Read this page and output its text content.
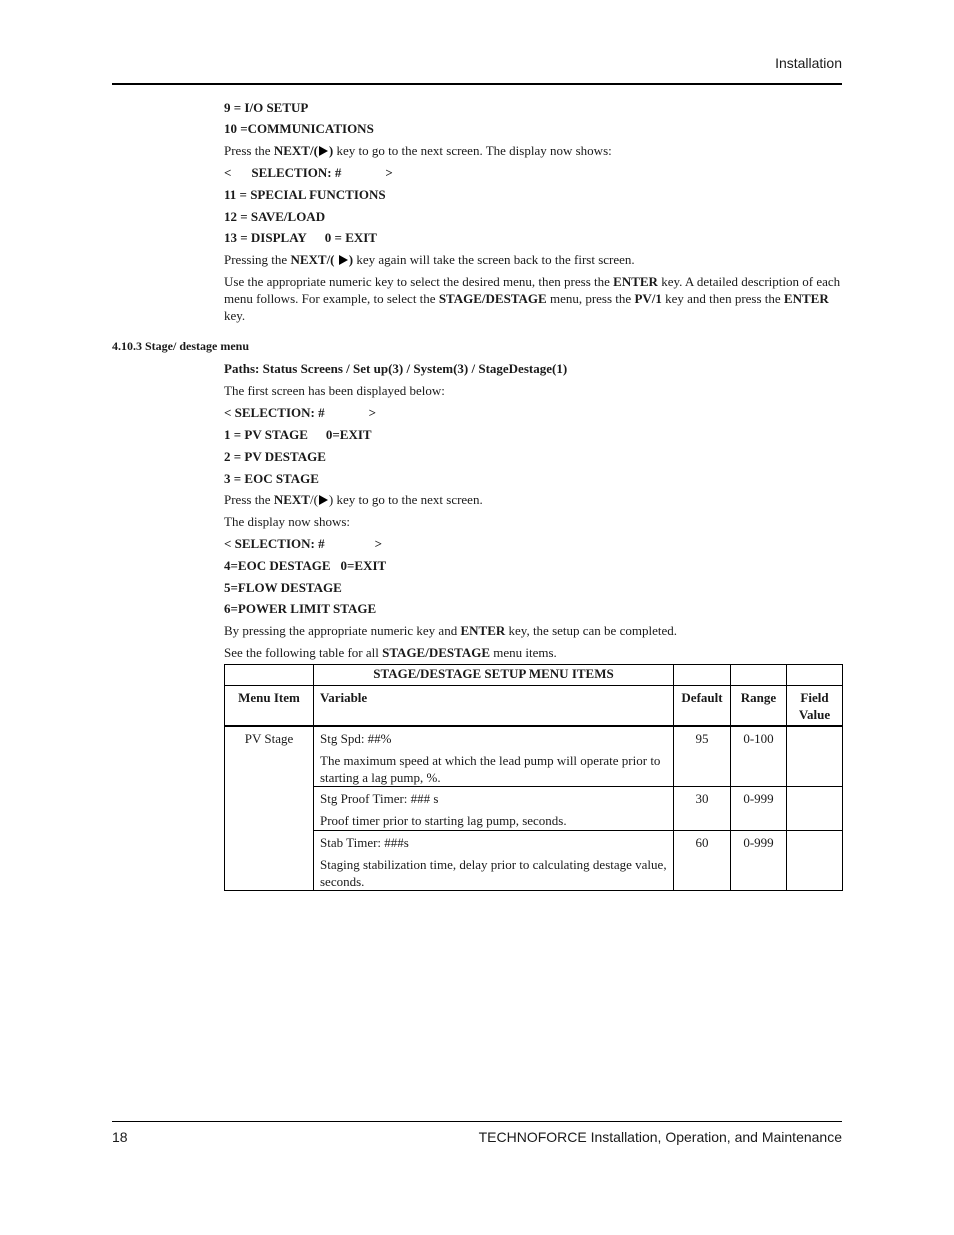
Installation
9 = I/O SETUP
10 =COMMUNICATIONS
Press the NEXT/( ) key to go to the next screen. The display now shows:
< SELECTION: #	>
11 = SPECIAL FUNCTIONS
12 = SAVE/LOAD
13 = DISPLAY 0 = EXIT
Pressing the NEXT/( ) key again will take the screen back to the first screen.
Use the appropriate numeric key to select the desired menu, then press the ENTER key. A detailed description of each menu follows. For example, to select the STAGE/DESTAGE menu, press the PV/1 key and then press the ENTER key.
4.10.3 Stage/ destage menu
Paths: Status Screens / Set up(3) / System(3) / StageDestage(1)
The first screen has been displayed below:
< SELECTION: #	>
1 = PV STAGE 0=EXIT
2 = PV DESTAGE
3 = EOC STAGE
Press the NEXT/( ) key to go to the next screen.
The display now shows:
< SELECTION: #	>
4=EOC DESTAGE 0=EXIT
5=FLOW DESTAGE
6=POWER LIMIT STAGE
By pressing the appropriate numeric key and ENTER key, the setup can be completed.
See the following table for all STAGE/DESTAGE menu items.
	STAGE/DESTAGE SETUP MENU ITEMS			
Menu Item	Variable	Default	Range	Field Value
PV Stage	Stg Spd: ##%
The maximum speed at which the lead pump will operate prior to starting a lag pump, %.	95	0-100	

	Stg Proof Timer: ### s
Proof timer prior to starting lag pump, seconds.	30	0-999	

	Stab Timer: ###s
Staging stabilization time, delay prior to calculating destage value, seconds.	60	0-999	
18	TECHNOFORCE Installation, Operation, and Maintenance
